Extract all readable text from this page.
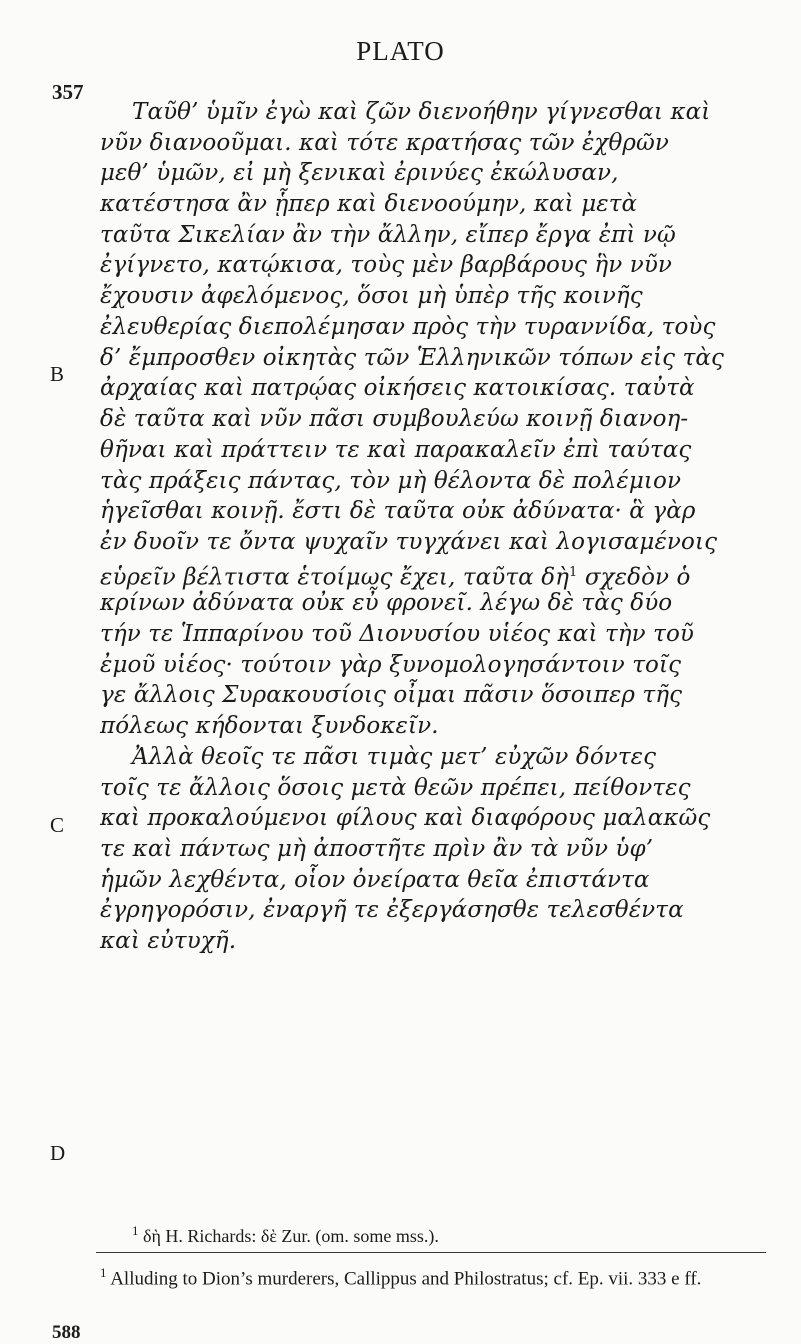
PLATO
357
B
C
D
Ταῦθ’ ὑμῖν ἐγὼ καὶ ζῶν διενοήθην γίγνεσθαι καὶ
νῦν διανοοῦμαι. καὶ τότε κρατήσας τῶν ἐχθρῶν
μεθ’ ὑμῶν, εἰ μὴ ξενικαὶ ἐρινύες ἐκώλυσαν,
κατέστησα ἂν ᾗπερ καὶ διενοούμην, καὶ μετὰ
ταῦτα Σικελίαν ἂν τὴν ἄλλην, εἴπερ ἔργα ἐπὶ νῷ
ἐγίγνετο, κατῴκισα, τοὺς μὲν βαρβάρους ἣν νῦν
ἔχουσιν ἀφελόμενος, ὅσοι μὴ ὑπὲρ τῆς κοινῆς
ἐλευθερίας διεπολέμησαν πρὸς τὴν τυραννίδα, τοὺς
δ’ ἔμπροσθεν οἰκητὰς τῶν Ἑλληνικῶν τόπων εἰς τὰς
ἀρχαίας καὶ πατρῴας οἰκήσεις κατοικίσας. ταὐτὰ
δὲ ταῦτα καὶ νῦν πᾶσι συμβουλεύω κοινῇ διανοη-
θῆναι καὶ πράττειν τε καὶ παρακαλεῖν ἐπὶ ταύτας
τὰς πράξεις πάντας, τὸν μὴ θέλοντα δὲ πολέμιον
ἡγεῖσθαι κοινῇ. ἔστι δὲ ταῦτα οὐκ ἀδύνατα· ἃ γὰρ
ἐν δυοῖν τε ὄντα ψυχαῖν τυγχάνει καὶ λογισαμένοις
εὑρεῖν βέλτιστα ἑτοίμως ἔχει, ταῦτα δὴ$^1$ σχεδὸν ὁ
κρίνων ἀδύνατα οὐκ εὖ φρονεῖ. λέγω δὲ τὰς δύο
τήν τε Ἱππαρίνου τοῦ Διονυσίου υἱέος καὶ τὴν τοῦ
ἐμοῦ υἱέος· τούτοιν γὰρ ξυνομολογησάντοιν τοῖς
γε ἄλλοις Συρακουσίοις οἶμαι πᾶσιν ὅσοιπερ τῆς
πόλεως κήδονται ξυνδοκεῖν.
Ἀλλὰ θεοῖς τε πᾶσι τιμὰς μετ’ εὐχῶν δόντες
τοῖς τε ἄλλοις ὅσοις μετὰ θεῶν πρέπει, πείθοντες
καὶ προκαλούμενοι φίλους καὶ διαφόρους μαλακῶς
τε καὶ πάντως μὴ ἀποστῆτε πρὶν ἂν τὰ νῦν ὑφ’
ἡμῶν λεχθέντα, οἷον ὀνείρατα θεῖα ἐπιστάντα
ἐγρηγορόσιν, ἐναργῆ τε ἐξεργάσησθε τελεσθέντα
καὶ εὐτυχῆ.
$^1$ δὴ H. Richards: δὲ Zur. (om. some mss.).
$^1$ Alluding to Dion’s murderers, Callippus and Philostratus; cf. Ep. vii. 333 e ff.
588
